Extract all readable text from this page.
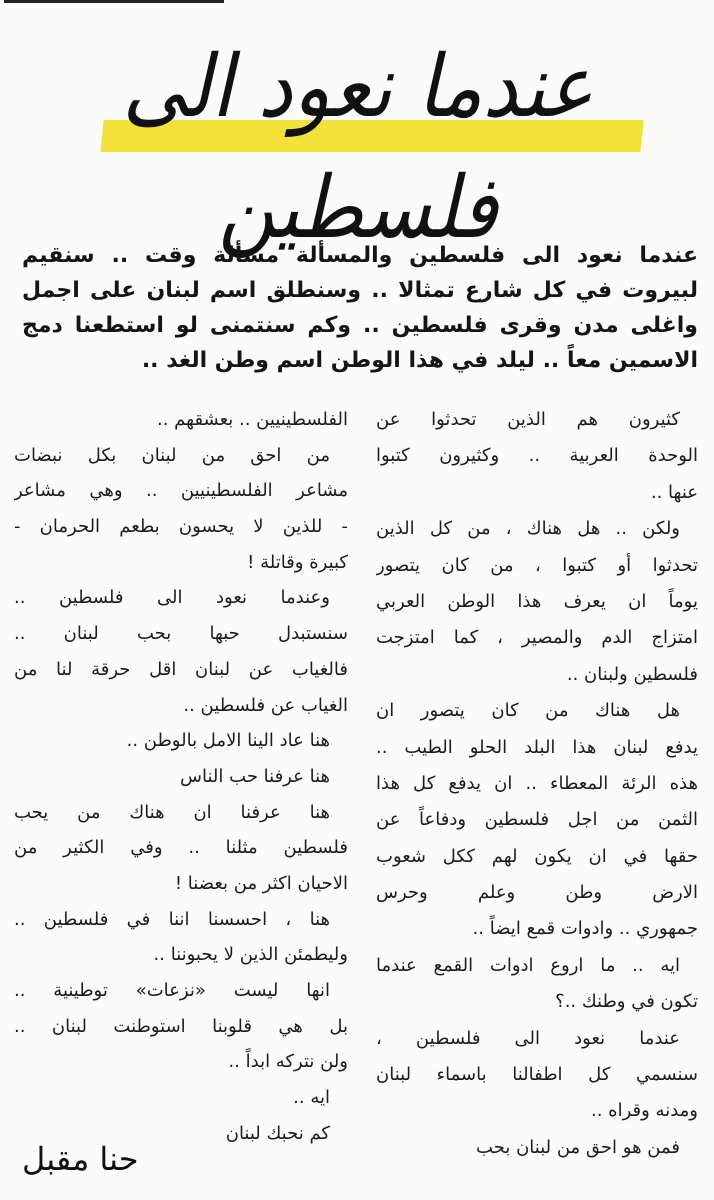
عندما نعود الى فلسطين

عندما نعود الى فلسطين والمسألة مسألة وقت .. سنقيم لبيروت في كل شارع تمثالا .. وسنطلق اسم لبنان على اجمل واغلى مدن وقرى فلسطين .. وكم سنتمنى لو استطعنا دمج الاسمين معاً .. ليلد في هذا الوطن اسم وطن الغد ..

كثيرون هم الذين تحدثوا عن
الوحدة العربية .. وكثيرون كتبوا
عنها ..

ولكن .. هل هناك ، من كل الذين
تحدثوا أو كتبوا ، من كان يتصور
يوماً ان يعرف هذا الوطن العربي
امتزاج الدم والمصير ، كما امتزجت
فلسطين ولبنان ..

هل هناك من كان يتصور ان
يدفع لبنان هذا البلد الحلو الطيب ..
هذه الرئة المعطاء .. ان يدفع كل هذا
الثمن من اجل فلسطين ودفاعاً عن
حقها في ان يكون لهم ككل شعوب
الارض وطن وعلم وحرس
جمهوري .. وادوات قمع ايضاً ..

ايه .. ما اروع ادوات القمع عندما
تكون في وطنك ..؟

عندما نعود الى فلسطين ،
سنسمي كل اطفالنا باسماء لبنان
ومدنه وقراه ..

فمن هو احق من لبنان بحب

الفلسطينيين .. بعشقهم ..

من احق من لبنان بكل نبضات
مشاعر الفلسطينيين .. وهي مشاعر
- للذين لا يحسون بطعم الحرمان -
كبيرة وقاتلة !

وعندما نعود الى فلسطين ..
سنستبدل حبها بحب لبنان ..
فالغياب عن لبنان اقل حرقة لنا من
الغياب عن فلسطين ..

هنا عاد الينا الامل بالوطن ..

هنا عرفنا حب الناس

هنا عرفنا ان هناك من يحب
فلسطين مثلنا .. وفي الكثير من
الاحيان اكثر من بعضنا !

هنا ، احسسنا اننا في فلسطين ..
وليطمئن الذين لا يحبوننا ..

انها ليست «نزعات» توطينية ..
بل هي قلوبنا استوطنت لبنان ..
ولن نتركه ابداً ..

ايه ..

كم نحبك لبنان

حنا مقبل
